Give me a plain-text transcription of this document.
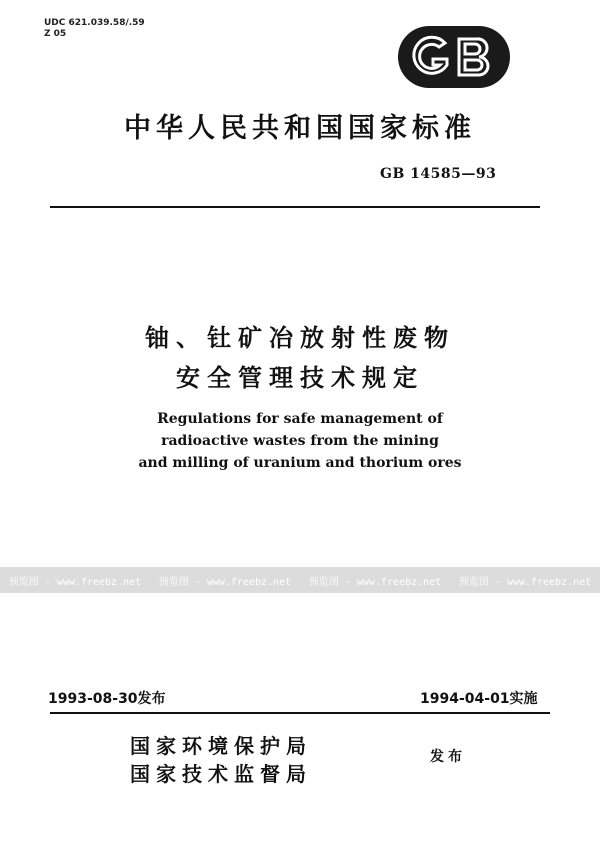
UDC 621.039.58/.59
Z 05
中华人民共和国国家标准
GB 14585—93
铀、钍矿冶放射性废物
安全管理技术规定
Regulations for safe management of
radioactive wastes from the mining
and milling of uranium and thorium ores
预览图 - www.freebz.net 预览图 - www.freebz.net 预览图 - www.freebz.net 预览图 - www.freebz.net
1993-08-30发布	1994-04-01实施
国家环境保护局
国家技术监督局
发布
